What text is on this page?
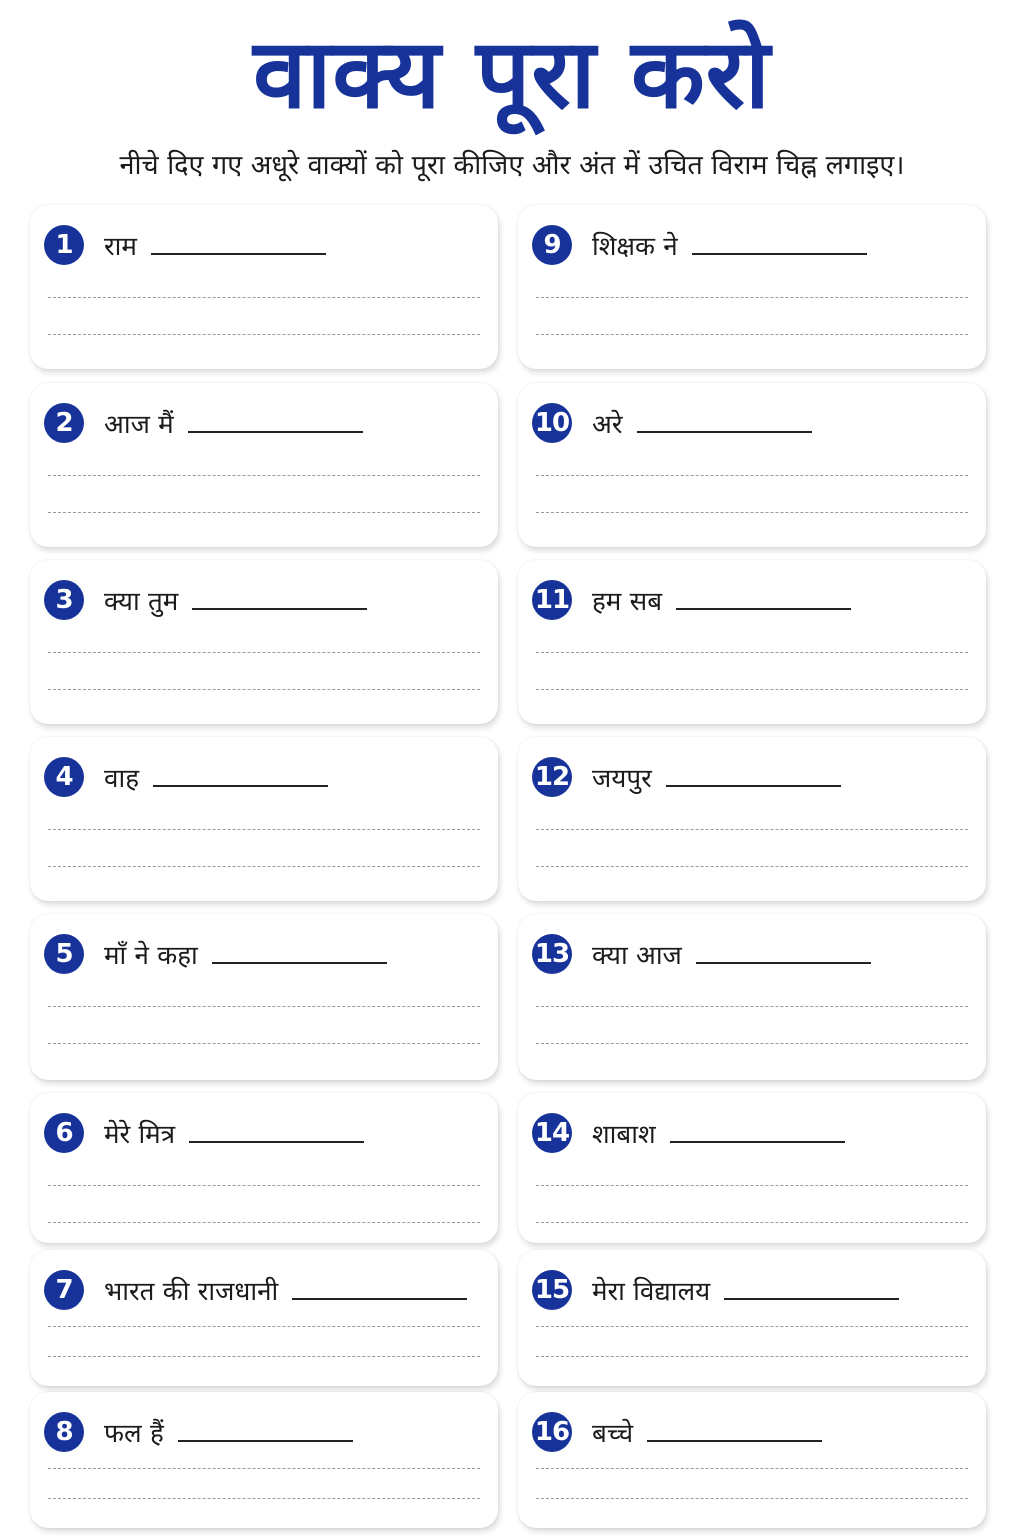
वाक्य पूरा करो
नीचे दिए गए अधूरे वाक्यों को पूरा कीजिए और अंत में उचित विराम चिह्न लगाइए।
1	राम
2	आज मैं
3	क्या तुम
4	वाह
5	माँ ने कहा
6	मेरे मित्र
7	भारत की राजधानी
8	फल हैं
9	शिक्षक ने
10 अरे
11 हम सब
12 जयपुर
13 क्या आज
14 शाबाश
15 मेरा विद्यालय
16 बच्चे
